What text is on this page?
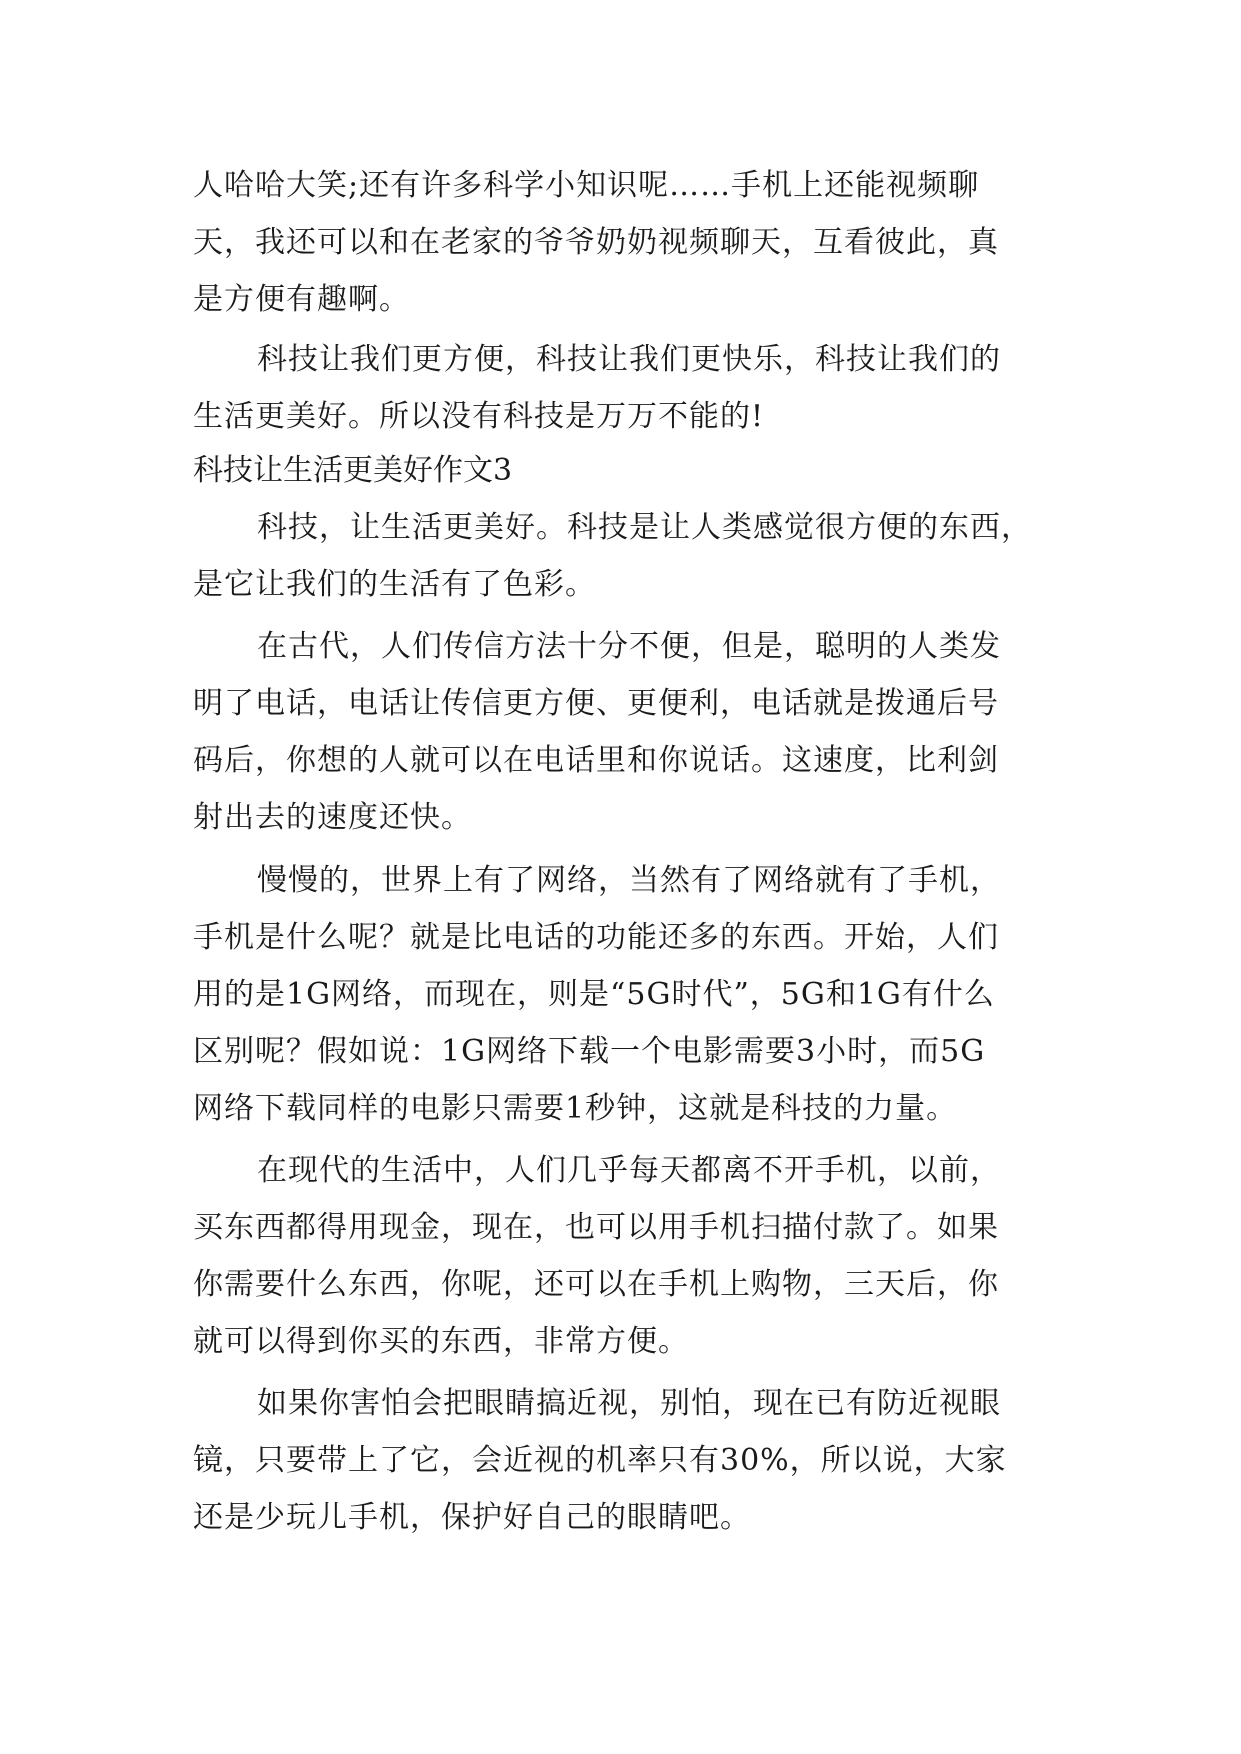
人哈哈大笑;还有许多科学小知识呢……手机上还能视频聊
天，我还可以和在老家的爷爷奶奶视频聊天，互看彼此，真
是方便有趣啊。
科技让我们更方便，科技让我们更快乐，科技让我们的
生活更美好。所以没有科技是万万不能的!
科技让生活更美好作文3
科技，让生活更美好。科技是让人类感觉很方便的东西，
是它让我们的生活有了色彩。
在古代，人们传信方法十分不便，但是，聪明的人类发
明了电话，电话让传信更方便、更便利，电话就是拨通后号
码后，你想的人就可以在电话里和你说话。这速度，比利剑
射出去的速度还快。
慢慢的，世界上有了网络，当然有了网络就有了手机，
手机是什么呢？就是比电话的功能还多的东西。开始，人们
用的是1G网络，而现在，则是“5G时代”，5G和1G有什么
区别呢？假如说：1G网络下载一个电影需要3小时，而5G
网络下载同样的电影只需要1秒钟，这就是科技的力量。
在现代的生活中，人们几乎每天都离不开手机，以前，
买东西都得用现金，现在，也可以用手机扫描付款了。如果
你需要什么东西，你呢，还可以在手机上购物，三天后，你
就可以得到你买的东西，非常方便。
如果你害怕会把眼睛搞近视，别怕，现在已有防近视眼
镜，只要带上了它，会近视的机率只有30%，所以说，大家
还是少玩儿手机，保护好自己的眼睛吧。
